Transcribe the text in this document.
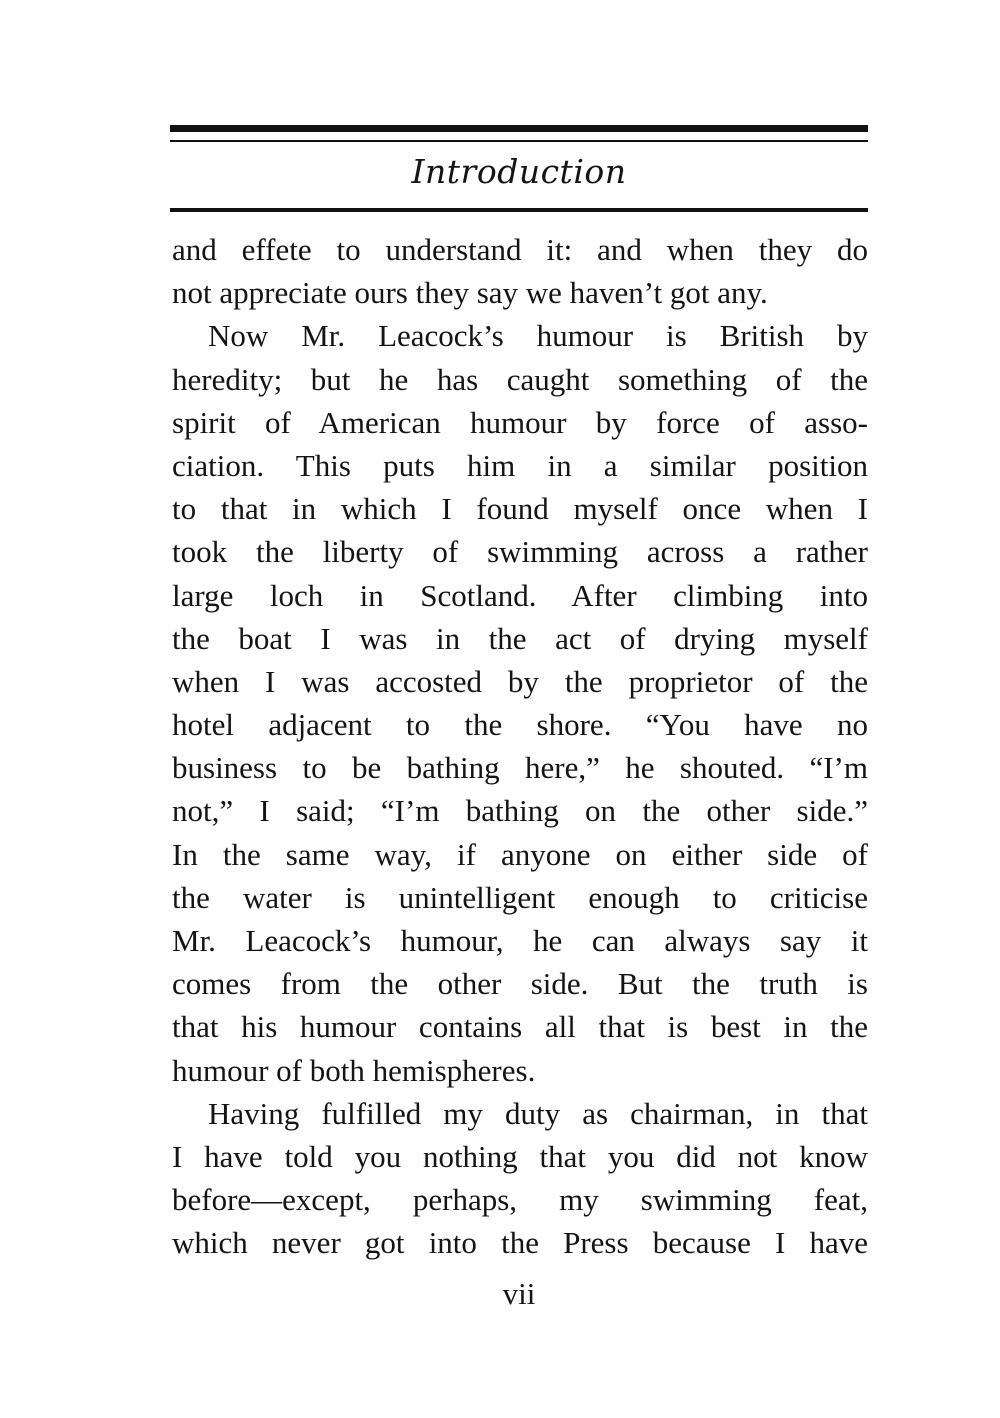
Introduction
and effete to understand it: and when they do
not appreciate ours they say we haven’t got any.
Now Mr. Leacock’s humour is British by
heredity; but he has caught something of the
spirit of American humour by force of asso-
ciation. This puts him in a similar position
to that in which I found myself once when I
took the liberty of swimming across a rather
large loch in Scotland. After climbing into
the boat I was in the act of drying myself
when I was accosted by the proprietor of the
hotel adjacent to the shore. “You have no
business to be bathing here,” he shouted. “I’m
not,” I said; “I’m bathing on the other side.”
In the same way, if anyone on either side of
the water is unintelligent enough to criticise
Mr. Leacock’s humour, he can always say it
comes from the other side. But the truth is
that his humour contains all that is best in the
humour of both hemispheres.
Having fulfilled my duty as chairman, in that
I have told you nothing that you did not know
before—except, perhaps, my swimming feat,
which never got into the Press because I have
vii
